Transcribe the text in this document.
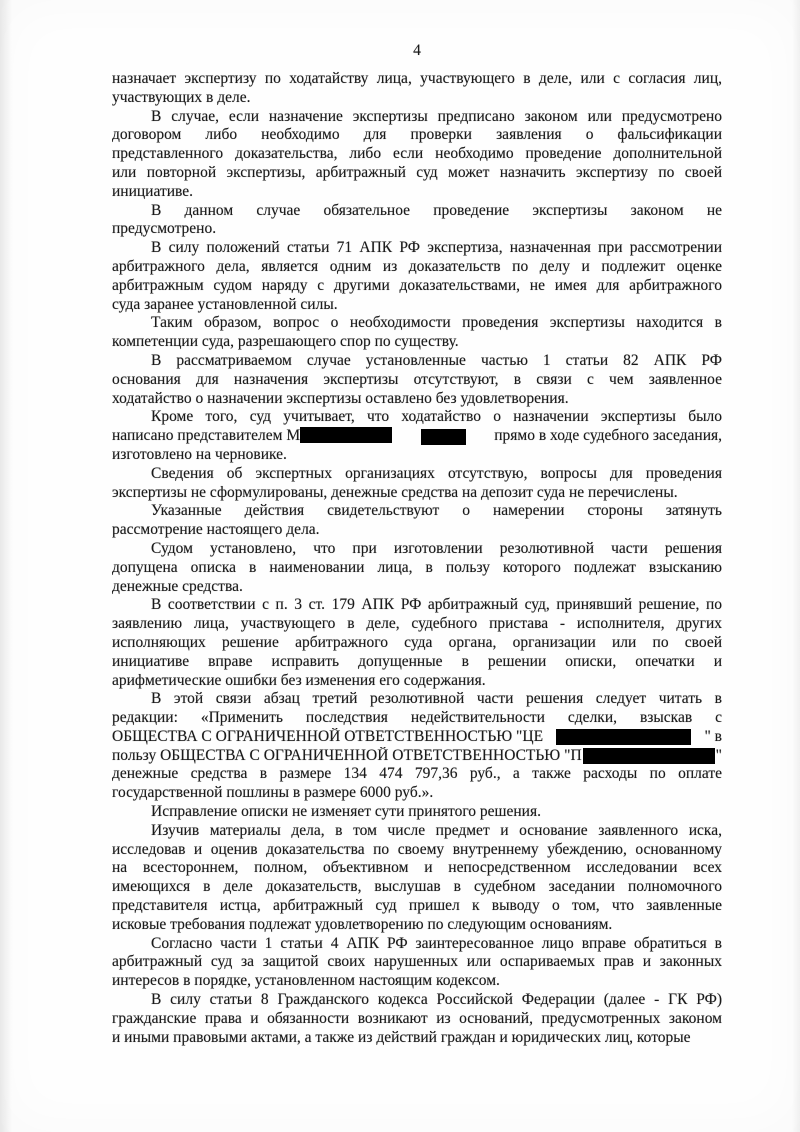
4
назначает экспертизу по ходатайству лица, участвующего в деле, или с согласия лиц,
участвующих в деле.
В случае, если назначение экспертизы предписано законом или предусмотрено
договором либо необходимо для проверки заявления о фальсификации
представленного доказательства, либо если необходимо проведение дополнительной
или повторной экспертизы, арбитражный суд может назначить экспертизу по своей
инициативе.
В данном случае обязательное проведение экспертизы законом не
предусмотрено.
В силу положений статьи 71 АПК РФ экспертиза, назначенная при рассмотрении
арбитражного дела, является одним из доказательств по делу и подлежит оценке
арбитражным судом наряду с другими доказательствами, не имея для арбитражного
суда заранее установленной силы.
Таким образом, вопрос о необходимости проведения экспертизы находится в
компетенции суда, разрешающего спор по существу.
В рассматриваемом случае установленные частью 1 статьи 82 АПК РФ
основания для назначения экспертизы отсутствуют, в связи с чем заявленное
ходатайство о назначении экспертизы оставлено без удовлетворения.
Кроме того, суд учитывает, что ходатайство о назначении экспертизы было
написано представителем М	прямо в ходе судебного заседания,
изготовлено на черновике.
Сведения об экспертных организациях отсутствую, вопросы для проведения
экспертизы не сформулированы, денежные средства на депозит суда не перечислены.
Указанные действия свидетельствуют о намерении стороны затянуть
рассмотрение настоящего дела.
Судом установлено, что при изготовлении резолютивной части решения
допущена описка в наименовании лица, в пользу которого подлежат взысканию
денежные средства.
В соответствии с п. 3 ст. 179 АПК РФ арбитражный суд, принявший решение, по
заявлению лица, участвующего в деле, судебного пристава - исполнителя, других
исполняющих решение арбитражного суда органа, организации или по своей
инициативе вправе исправить допущенные в решении описки, опечатки и
арифметические ошибки без изменения его содержания.
В этой связи абзац третий резолютивной части решения следует читать в
редакции: «Применить последствия недействительности сделки, взыскав с
ОБЩЕСТВА С ОГРАНИЧЕННОЙ ОТВЕТСТВЕННОСТЬЮ "ЦЕ	" в
пользу ОБЩЕСТВА С ОГРАНИЧЕННОЙ ОТВЕТСТВЕННОСТЬЮ "П	"
денежные средства в размере 134 474 797,36 руб., а также расходы по оплате
государственной пошлины в размере 6000 руб.».
Исправление описки не изменяет сути принятого решения.
Изучив материалы дела, в том числе предмет и основание заявленного иска,
исследовав и оценив доказательства по своему внутреннему убеждению, основанному
на всестороннем, полном, объективном и непосредственном исследовании всех
имеющихся в деле доказательств, выслушав в судебном заседании полномочного
представителя истца, арбитражный суд пришел к выводу о том, что заявленные
исковые требования подлежат удовлетворению по следующим основаниям.
Согласно части 1 статьи 4 АПК РФ заинтересованное лицо вправе обратиться в
арбитражный суд за защитой своих нарушенных или оспариваемых прав и законных
интересов в порядке, установленном настоящим кодексом.
В силу статьи 8 Гражданского кодекса Российской Федерации (далее - ГК РФ)
гражданские права и обязанности возникают из оснований, предусмотренных законом
и иными правовыми актами, а также из действий граждан и юридических лиц, которые
